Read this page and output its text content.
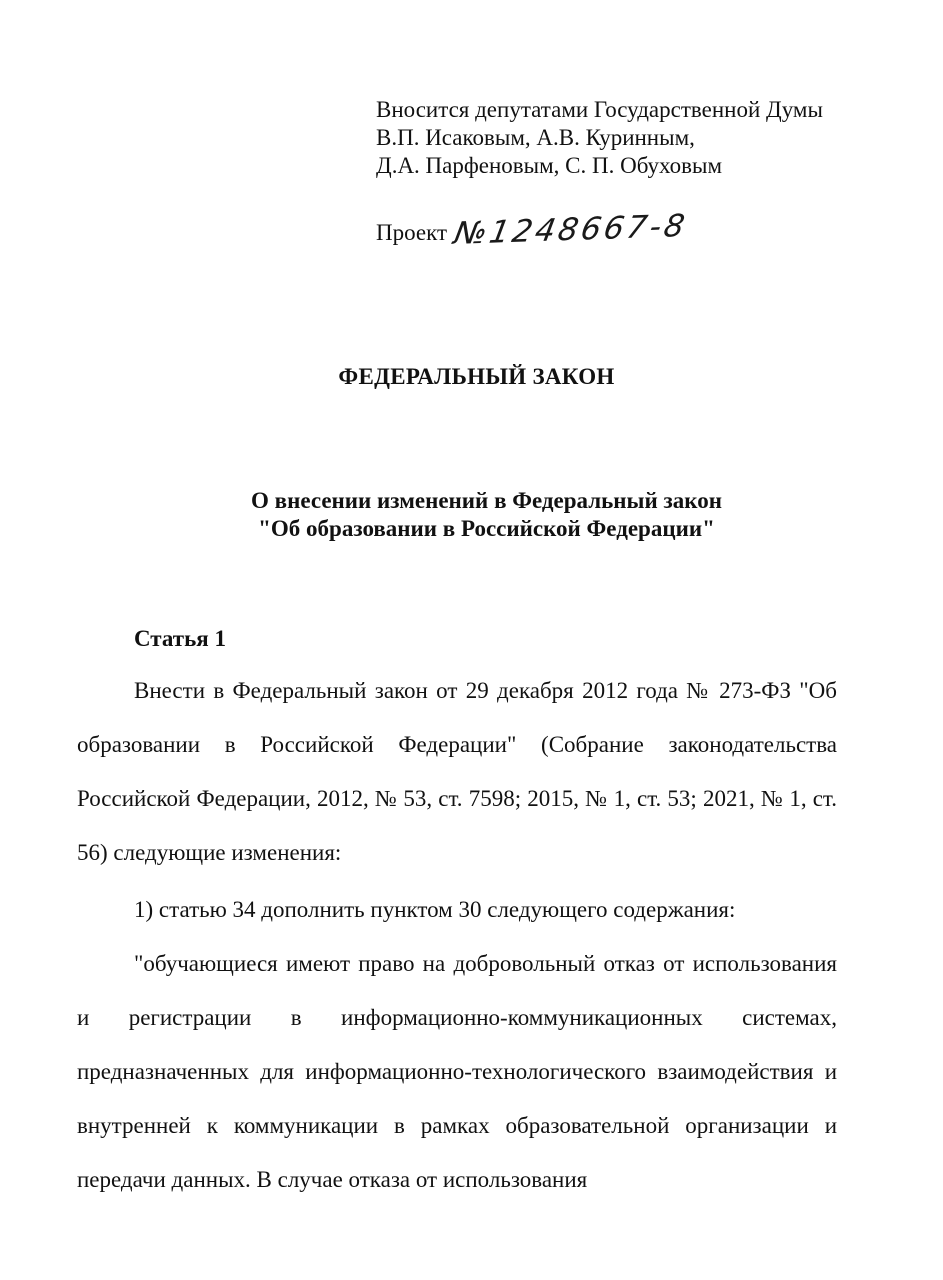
Вносится депутатами Государственной Думы
В.П. Исаковым, А.В. Куринным,
Д.А. Парфеновым, С. П. Обуховым
Проект №1248667-8
ФЕДЕРАЛЬНЫЙ ЗАКОН
О внесении изменений в Федеральный закон
"Об образовании в Российской Федерации"
Статья 1

Внести в Федеральный закон от 29 декабря 2012 года № 273-ФЗ "Об образовании в Российской Федерации" (Собрание законодательства Российской Федерации, 2012, № 53, ст. 7598; 2015, № 1, ст. 53; 2021, № 1, ст. 56) следующие изменения:

1) статью 34 дополнить пунктом 30 следующего содержания:

"обучающиеся имеют право на добровольный отказ от использования и регистрации в информационно-коммуникационных системах, предназначенных для информационно-технологического взаимодействия и внутренней к коммуникации в рамках образовательной организации и передачи данных. В случае отказа от использования
